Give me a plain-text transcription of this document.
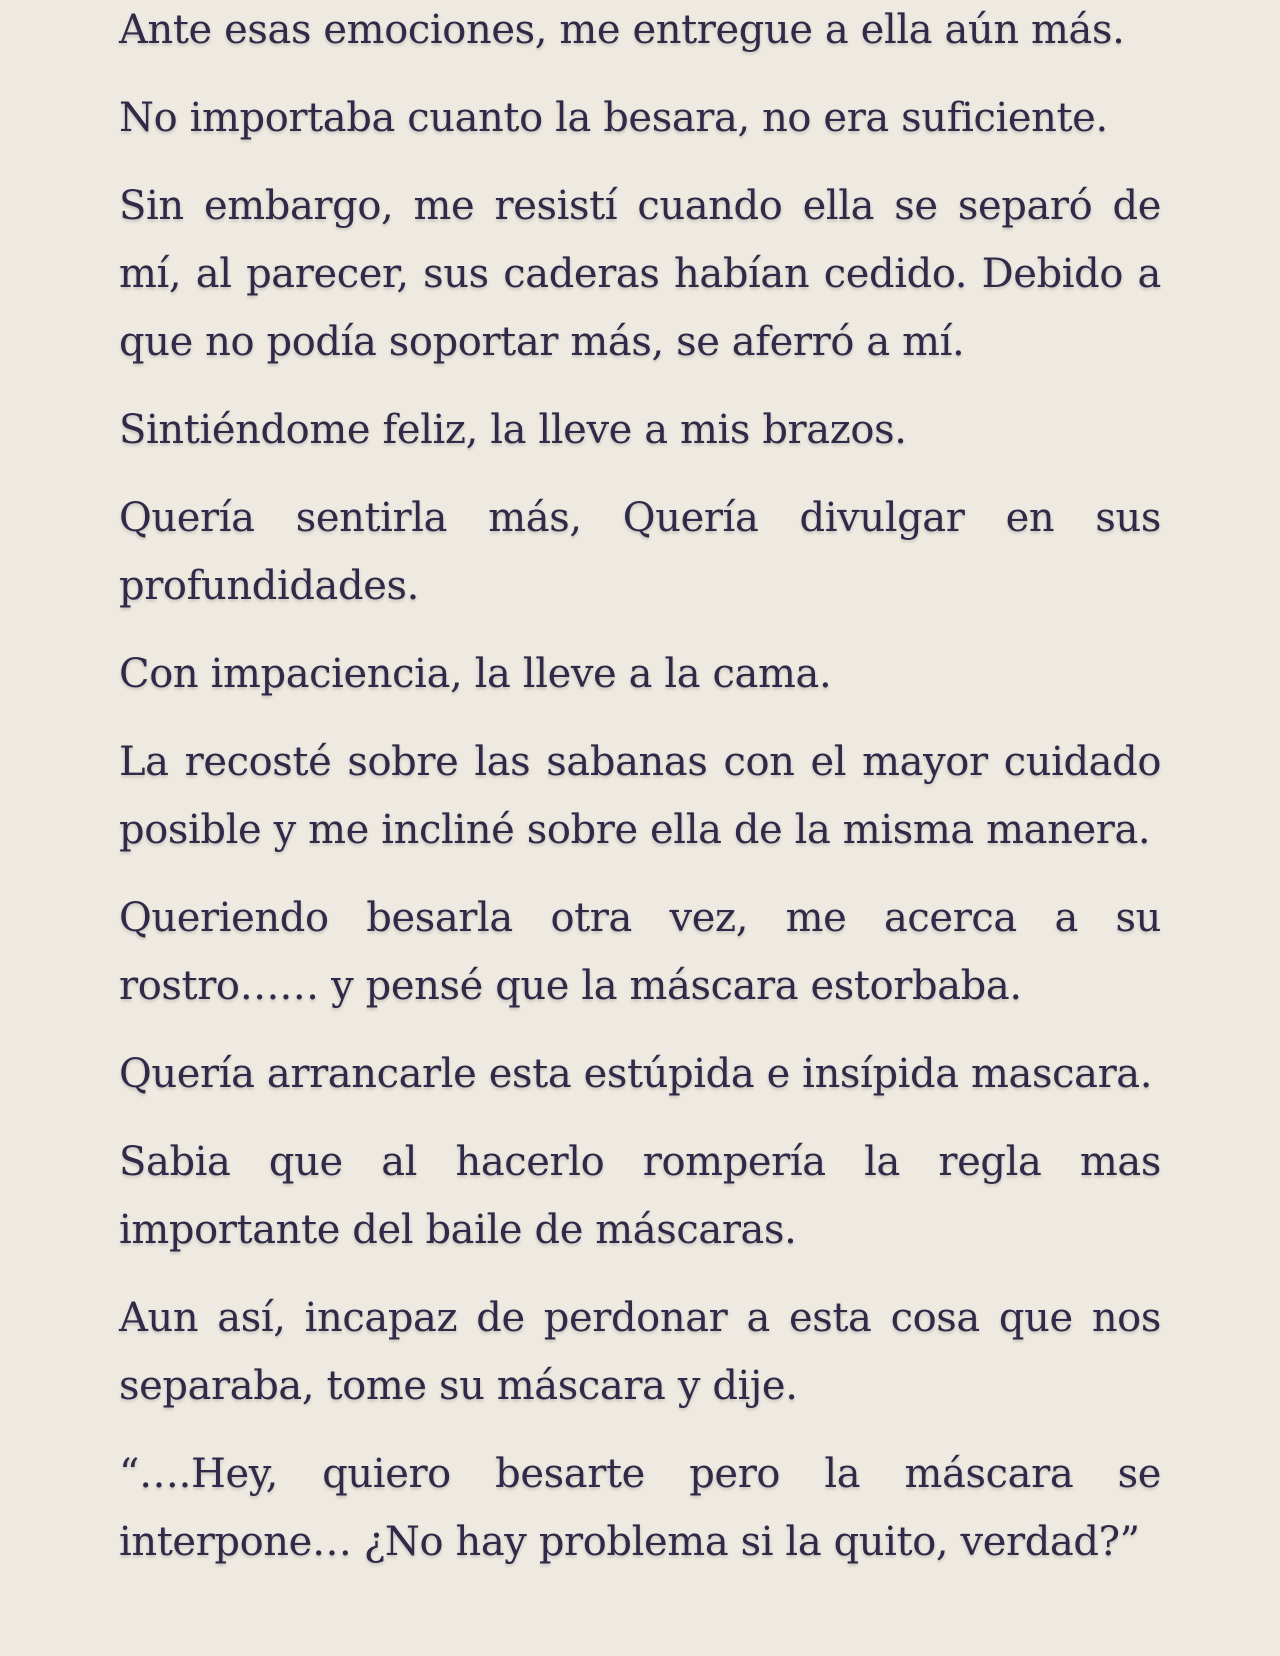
Ante esas emociones, me entregue a ella aún más.

No importaba cuanto la besara, no era suficiente.

Sin embargo, me resistí cuando ella se separó de mí, al parecer, sus caderas habían cedido. Debido a que no podía soportar más, se aferró a mí.

Sintiéndome feliz, la lleve a mis brazos.

Quería sentirla más, Quería divulgar en sus profundidades.

Con impaciencia, la lleve a la cama.

La recosté sobre las sabanas con el mayor cuidado posible y me incliné sobre ella de la misma manera.

Queriendo besarla otra vez, me acerca a su rostro…… y pensé que la máscara estorbaba.

Quería arrancarle esta estúpida e insípida mascara.

Sabia que al hacerlo rompería la regla mas importante del baile de máscaras.

Aun así, incapaz de perdonar a esta cosa que nos separaba, tome su máscara y dije.

“….Hey, quiero besarte pero la máscara se interpone… ¿No hay problema si la quito, verdad?”
